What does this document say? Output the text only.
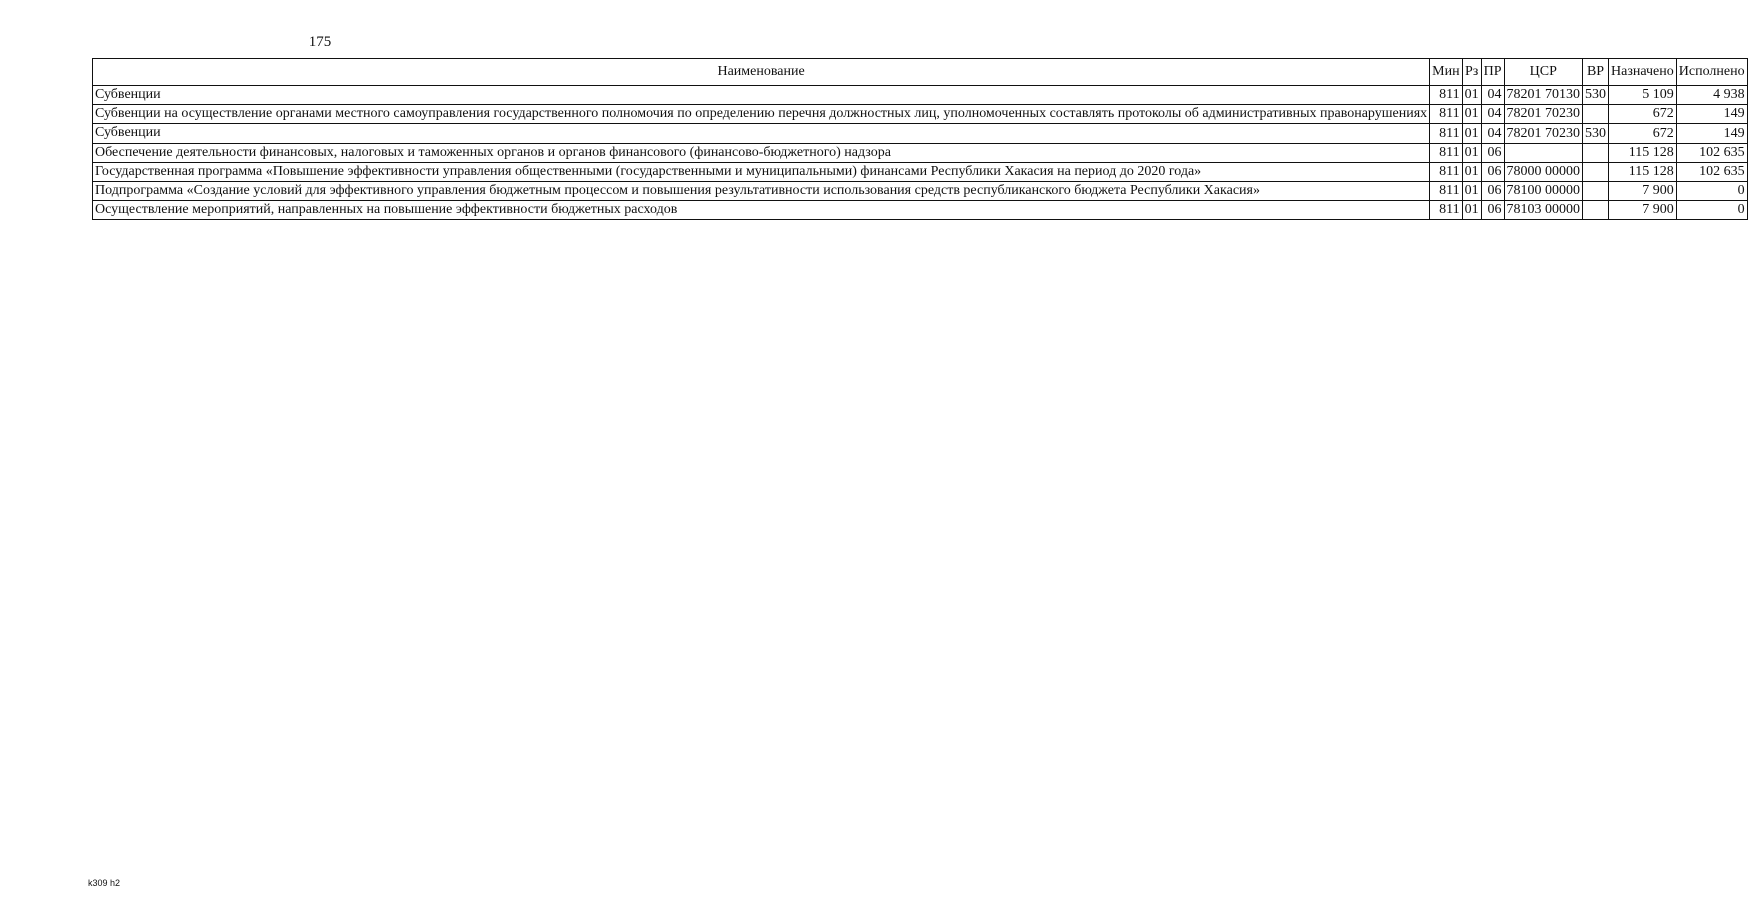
175
Наименование	Мин	Рз	ПР	ЦСР	ВР	Назначено	Исполнено
Субвенции	811	01	04	78201 70130	530	5 109	4 938
Субвенции на осуществление органами местного самоуправления государственного полномочия по определению перечня должностных лиц, уполномоченных составлять протоколы об административных правонарушениях	811	01	04	78201 70230		672	149
Субвенции	811	01	04	78201 70230	530	672	149
Обеспечение деятельности финансовых, налоговых и таможенных органов и органов финансового (финансово-бюджетного) надзора	811	01	06			115 128	102 635
Государственная программа «Повышение эффективности управления общественными (государственными и муниципальными) финансами Республики Хакасия на период до 2020 года»	811	01	06	78000 00000		115 128	102 635
Подпрограмма «Создание условий для эффективного управления бюджетным процессом и повышения результативности использования средств республиканского бюджета Республики Хакасия»	811	01	06	78100 00000		7 900	0
Осуществление мероприятий, направленных на повышение эффективности бюджетных расходов	811	01	06	78103 00000		7 900	0
k309 h2
